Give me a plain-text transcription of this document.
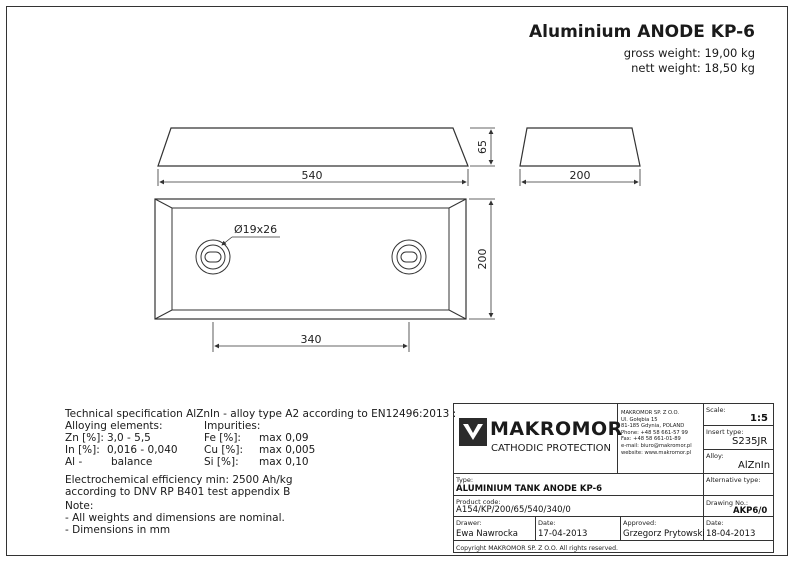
Aluminium ANODE KP-6
gross weight: 19,00 kg
nett weight: 18,50 kg
540
65
200
200
340
Ø19x26
Technical specification AlZnIn - alloy type A2 according to EN12496:2013 :
Alloying elements:	Impurities:
Zn [%]: 3,0 - 5,5
In [%]: 0,016 - 0,040
Al -	balance
Fe [%]: max 0,09
Cu [%]: max 0,005
Si [%]: max 0,10
Electrochemical efficiency min: 2500 Ah/kg
according to DNV RP B401 test appendix B
Note:
- All weights and dimensions are nominal.
- Dimensions in mm
MAKROMOR
CATHODIC PROTECTION
MAKROMOR SP. Z O.O.
Ul. Gołębia 15
81-185 Gdynia, POLAND
Phone: +48 58 661-57 99
Fax: +48 58 661-01-89
e-mail: biuro@makromor.pl
website: www.makromor.pl
Scale:
1:5
Insert type:
S235JR
Alloy:
AlZnIn
Alternative type:
Drawing No.:
AKP6/0
Type:
ALUMINIUM TANK ANODE KP-6
Product code:
A154/KP/200/65/540/340/0
Drawer:
Ewa Nawrocka
Date:
17-04-2013
Approved:
Grzegorz Prytowski
Date:
18-04-2013
Copyright MAKROMOR SP. Z O.O. All rights reserved.
